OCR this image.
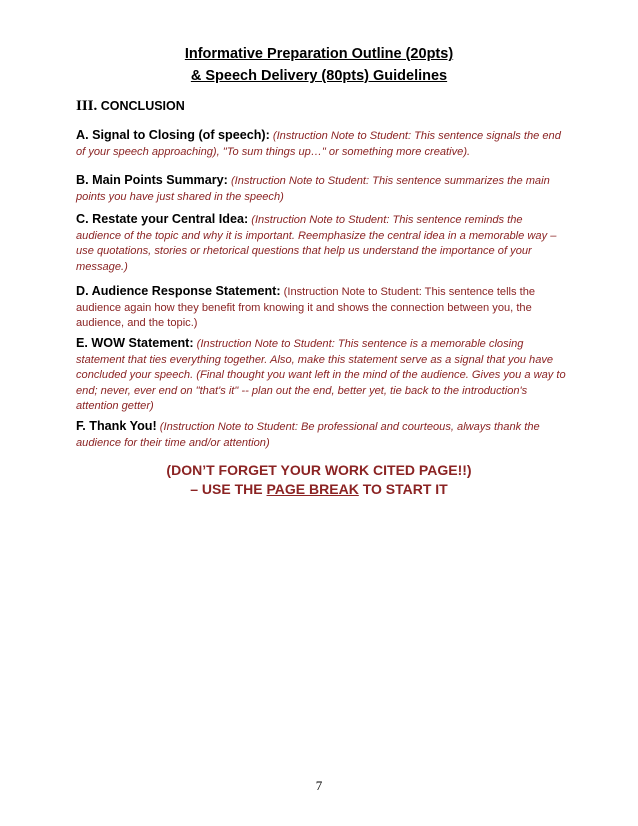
Informative Preparation Outline (20pts)
& Speech Delivery (80pts) Guidelines
III. CONCLUSION
A. Signal to Closing (of speech): (Instruction Note to Student: This sentence signals the end of your speech approaching), "To sum things up…" or something more creative).
B. Main Points Summary: (Instruction Note to Student: This sentence summarizes the main points you have just shared in the speech)
C. Restate your Central Idea: (Instruction Note to Student: This sentence reminds the audience of the topic and why it is important. Reemphasize the central idea in a memorable way – use quotations, stories or rhetorical questions that help us understand the importance of your message.)
D. Audience Response Statement: (Instruction Note to Student: This sentence tells the audience again how they benefit from knowing it and shows the connection between you, the audience, and the topic.)
E. WOW Statement: (Instruction Note to Student: This sentence is a memorable closing statement that ties everything together. Also, make this statement serve as a signal that you have concluded your speech. (Final thought you want left in the mind of the audience. Gives you a way to end; never, ever end on "that's it" -- plan out the end, better yet, tie back to the introduction's attention getter)
F. Thank You! (Instruction Note to Student: Be professional and courteous, always thank the audience for their time and/or attention)
(DON’T FORGET YOUR WORK CITED PAGE!!)
– USE THE PAGE BREAK TO START IT
7
